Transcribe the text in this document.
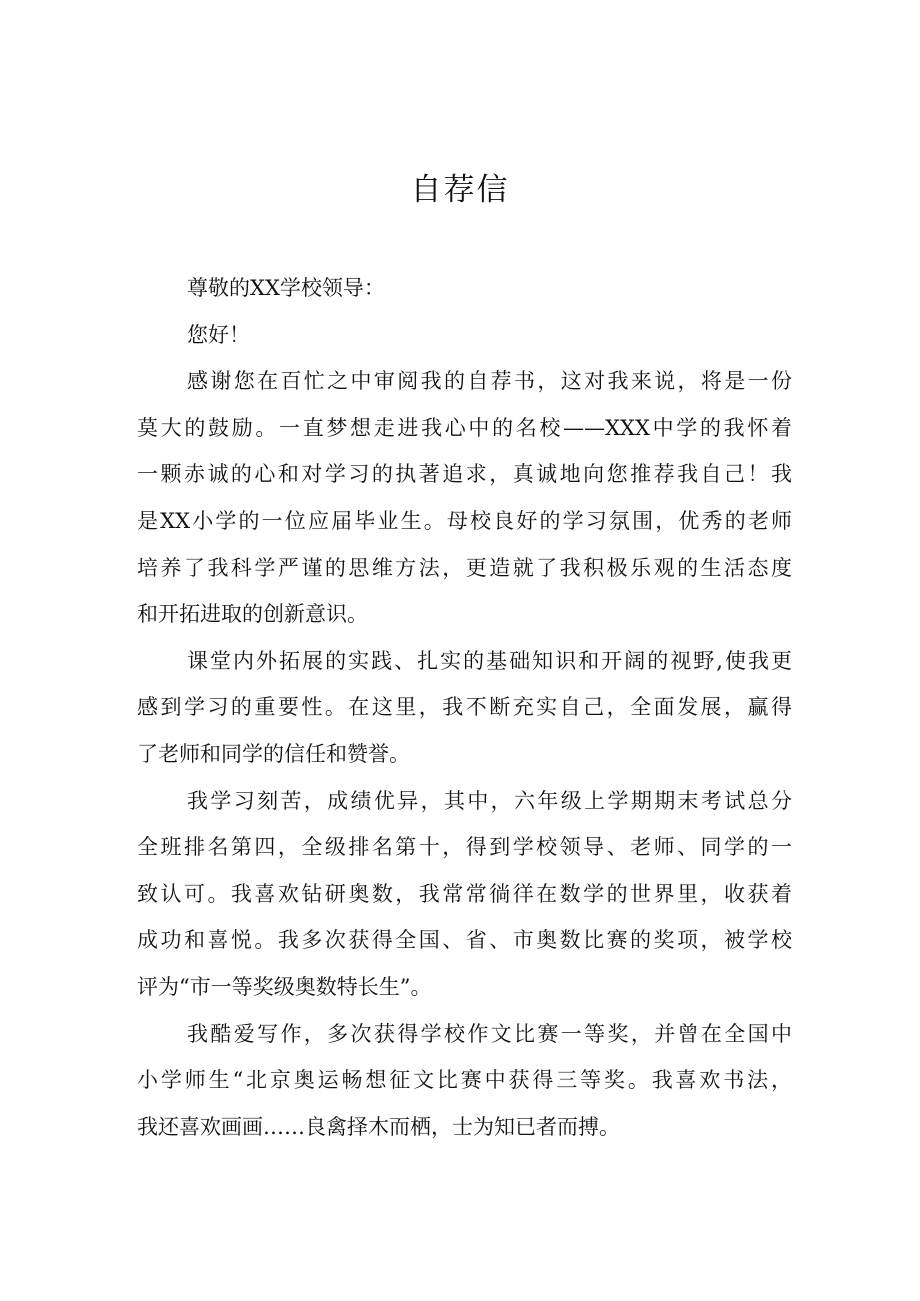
自荐信
尊敬的XX学校领导：
您好！
感谢您在百忙之中审阅我的自荐书，这对我来说，将是一份
莫大的鼓励。一直梦想走进我心中的名校——XXX中学的我怀着
一颗赤诚的心和对学习的执著追求，真诚地向您推荐我自己！我
是XX小学的一位应届毕业生。母校良好的学习氛围，优秀的老师
培养了我科学严谨的思维方法，更造就了我积极乐观的生活态度
和开拓进取的创新意识。
课堂内外拓展的实践、扎实的基础知识和开阔的视野,使我更
感到学习的重要性。在这里，我不断充实自己，全面发展，赢得
了老师和同学的信任和赞誉。
我学习刻苦，成绩优异，其中，六年级上学期期末考试总分
全班排名第四，全级排名第十，得到学校领导、老师、同学的一
致认可。我喜欢钻研奥数，我常常徜徉在数学的世界里，收获着
成功和喜悦。我多次获得全国、省、市奥数比赛的奖项，被学校
评为“市一等奖级奥数特长生”。
我酷爱写作，多次获得学校作文比赛一等奖，并曾在全国中
小学师生“北京奥运畅想征文比赛中获得三等奖。我喜欢书法，
我还喜欢画画……良禽择木而栖，士为知已者而搏。
